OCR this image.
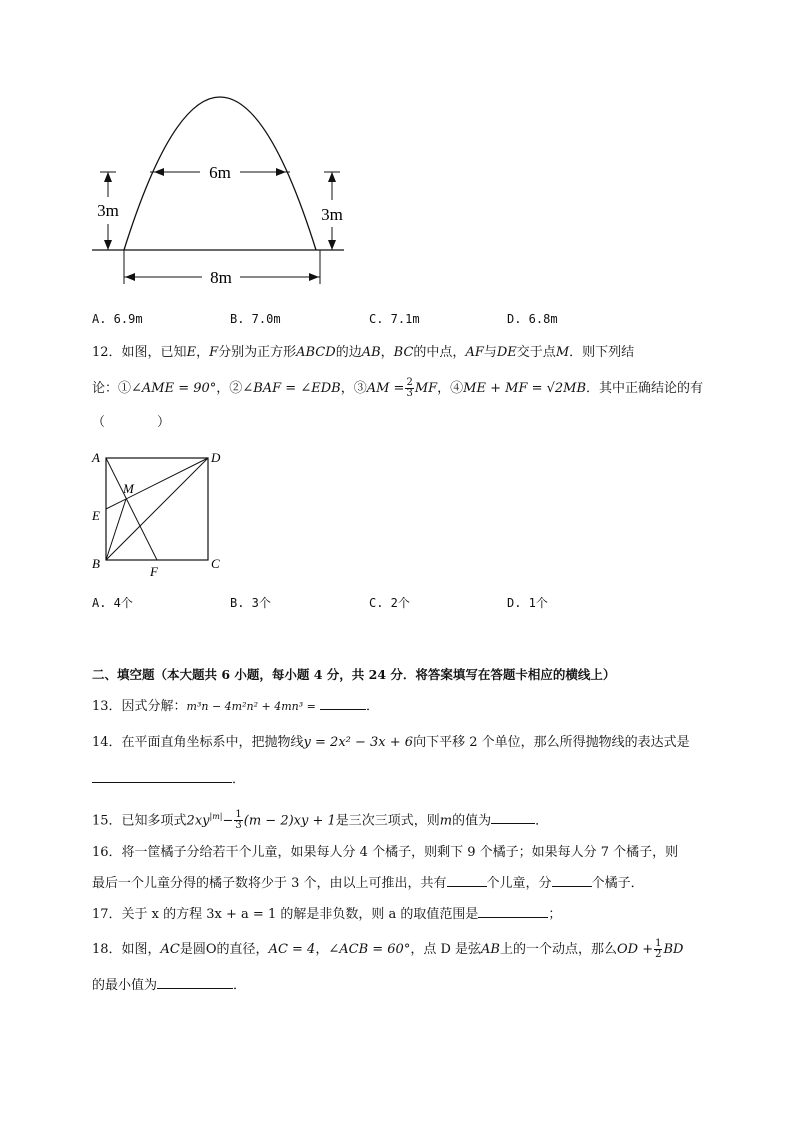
6m
3m	3m
8m
A. 6.9m	B. 7.0m	C. 7.1m	D. 6.8m
12．如图，已知E，F分别为正方形ABCD的边AB，BC的中点，AF与DE交于点M．则下列结
论：①∠AME = 90°，②∠BAF = ∠EDB，③AM = $\frac{2}{3}$ MF，④ME + MF = √2MB．其中正确结论的有
（　　　　）
A	D
M
E
B
F
C
A. 4个	B. 3个	C. 2个	D. 1个
二、填空题（本大题共 6 小题，每小题 4 分，共 24 分．将答案填写在答题卡相应的横线上）
13．因式分解：m³n − 4m²n² + 4mn³ =	．
14．在平面直角坐标系中，把抛物线y = 2x² − 3x + 6向下平移 2 个单位，那么所得抛物线的表达式是
．
15．已知多项式$2xy^{|m|}- \frac{1}{3} (m - 2)xy + 1$是三次三项式，则m的值为	．
16．将一筐橘子分给若干个儿童，如果每人分 4 个橘子，则剩下 9 个橘子；如果每人分 7 个橘子，则
最后一个儿童分得的橘子数将少于 3 个，由以上可推出，共有	个儿童，分	个橘子．
17．关于 x 的方程 3x + a = 1 的解是非负数，则 a 的取值范围是	；
18．如图，AC是圆O的直径，AC = 4，∠ACB = 60°，点 D 是弦AB上的一个动点，那么OD + $\frac{1}{2}$ BD
的最小值为	．
